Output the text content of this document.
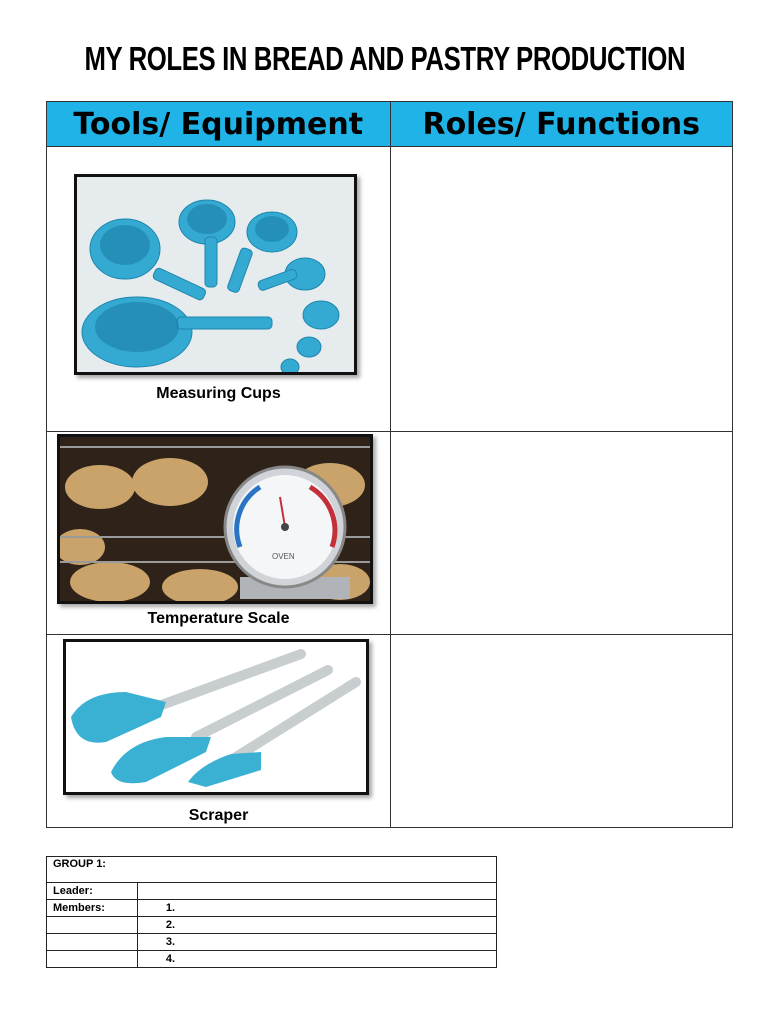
MY ROLES IN BREAD AND PASTRY PRODUCTION
Tools/ Equipment	Roles/ Functions

Measuring Cups	

OVEN
Temperature Scale	

Scraper	

GROUP 1:	
Leader:	
Members:	1.
	2.
	3.
	4.
